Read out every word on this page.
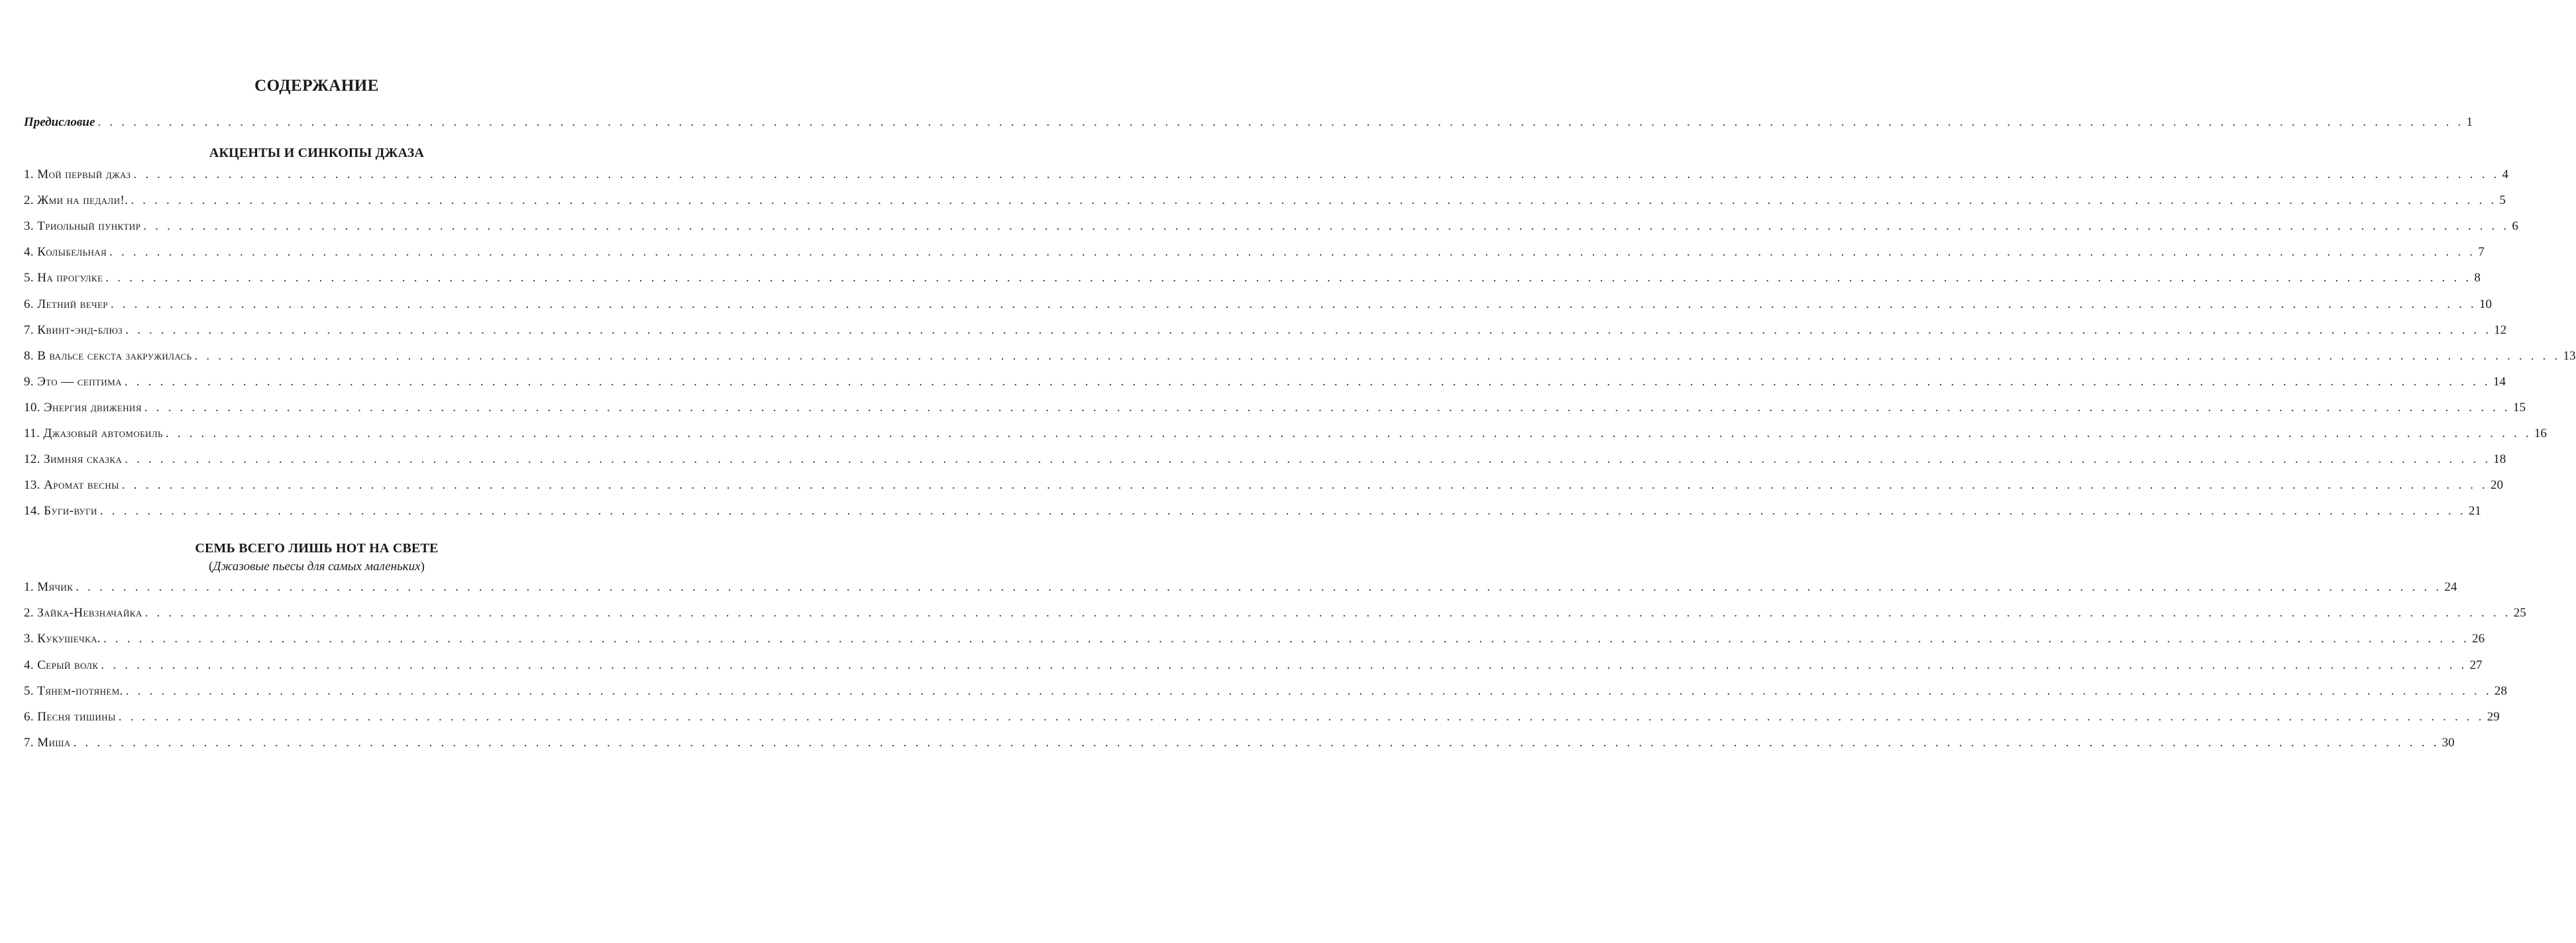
СОДЕРЖАНИЕ
Предисловие . . . . . . . . . . . . . . . . . . . . . . . . . . . . . . . . . . . . . . . . . . . . . . . . . . . . . . . . . . . . . . . . . . . . . . . . . . . . . . . . . . . . . . . . . . . . . . . . . . . . . . . . . . . . . . . . . . . . . . . . . . . . . . . . . . . . . . . . . . . . . . . . . . . . . . . . . . . . . . . . . . . . . . . . . . . . . . . . . . . . . . . . . . . . . . . . . . . . . . . . 1
АКЦЕНТЫ И СИНКОПЫ ДЖАЗА
1. Мой первый джаз . . . . . . . . . . . . . . . . . . . . . . . . . . . . . . . . . . . . . . . . . . . . . . . . . . . . . . . . . . . . . . . . . . . . . . . . . . . . . . . . . . . . . . . . . . . . . . . . . . . . . . . . . . . . . . . . . . . . . . . . . . . . . . . . . . . . . . . . . . . . . . . . . . . . . . . . . . . . . . . . . . . . . . . . . . . . . . . . . . . . . . . . . . . . . . . . . . . . . . . . 4
2. Жми на педали!. . . . . . . . . . . . . . . . . . . . . . . . . . . . . . . . . . . . . . . . . . . . . . . . . . . . . . . . . . . . . . . . . . . . . . . . . . . . . . . . . . . . . . . . . . . . . . . . . . . . . . . . . . . . . . . . . . . . . . . . . . . . . . . . . . . . . . . . . . . . . . . . . . . . . . . . . . . . . . . . . . . . . . . . . . . . . . . . . . . . . . . . . . . . . . . . . . . . . . . . . 5
3. Триольный пунктир . . . . . . . . . . . . . . . . . . . . . . . . . . . . . . . . . . . . . . . . . . . . . . . . . . . . . . . . . . . . . . . . . . . . . . . . . . . . . . . . . . . . . . . . . . . . . . . . . . . . . . . . . . . . . . . . . . . . . . . . . . . . . . . . . . . . . . . . . . . . . . . . . . . . . . . . . . . . . . . . . . . . . . . . . . . . . . . . . . . . . . . . . . . . . . . . . . . . . . . . 6
4. Колыбельная . . . . . . . . . . . . . . . . . . . . . . . . . . . . . . . . . . . . . . . . . . . . . . . . . . . . . . . . . . . . . . . . . . . . . . . . . . . . . . . . . . . . . . . . . . . . . . . . . . . . . . . . . . . . . . . . . . . . . . . . . . . . . . . . . . . . . . . . . . . . . . . . . . . . . . . . . . . . . . . . . . . . . . . . . . . . . . . . . . . . . . . . . . . . . . . . . . . . . . . . 7
5. На прогулке . . . . . . . . . . . . . . . . . . . . . . . . . . . . . . . . . . . . . . . . . . . . . . . . . . . . . . . . . . . . . . . . . . . . . . . . . . . . . . . . . . . . . . . . . . . . . . . . . . . . . . . . . . . . . . . . . . . . . . . . . . . . . . . . . . . . . . . . . . . . . . . . . . . . . . . . . . . . . . . . . . . . . . . . . . . . . . . . . . . . . . . . . . . . . . . . . . . . . . . . 8
6. Летний вечер . . . . . . . . . . . . . . . . . . . . . . . . . . . . . . . . . . . . . . . . . . . . . . . . . . . . . . . . . . . . . . . . . . . . . . . . . . . . . . . . . . . . . . . . . . . . . . . . . . . . . . . . . . . . . . . . . . . . . . . . . . . . . . . . . . . . . . . . . . . . . . . . . . . . . . . . . . . . . . . . . . . . . . . . . . . . . . . . . . . . . . . . . . . . . . . . . . . . . . . . 10
7. Квинт-энд-блюз . . . . . . . . . . . . . . . . . . . . . . . . . . . . . . . . . . . . . . . . . . . . . . . . . . . . . . . . . . . . . . . . . . . . . . . . . . . . . . . . . . . . . . . . . . . . . . . . . . . . . . . . . . . . . . . . . . . . . . . . . . . . . . . . . . . . . . . . . . . . . . . . . . . . . . . . . . . . . . . . . . . . . . . . . . . . . . . . . . . . . . . . . . . . . . . . . . . . . . . . 12
8. В вальсе секста закружилась . . . . . . . . . . . . . . . . . . . . . . . . . . . . . . . . . . . . . . . . . . . . . . . . . . . . . . . . . . . . . . . . . . . . . . . . . . . . . . . . . . . . . . . . . . . . . . . . . . . . . . . . . . . . . . . . . . . . . . . . . . . . . . . . . . . . . . . . . . . . . . . . . . . . . . . . . . . . . . . . . . . . . . . . . . . . . . . . . . . . . . . . . . . . . . . . . . . . . . . . 13
9. Это — септима . . . . . . . . . . . . . . . . . . . . . . . . . . . . . . . . . . . . . . . . . . . . . . . . . . . . . . . . . . . . . . . . . . . . . . . . . . . . . . . . . . . . . . . . . . . . . . . . . . . . . . . . . . . . . . . . . . . . . . . . . . . . . . . . . . . . . . . . . . . . . . . . . . . . . . . . . . . . . . . . . . . . . . . . . . . . . . . . . . . . . . . . . . . . . . . . . . . . . . . . 14
10. Энергия движения . . . . . . . . . . . . . . . . . . . . . . . . . . . . . . . . . . . . . . . . . . . . . . . . . . . . . . . . . . . . . . . . . . . . . . . . . . . . . . . . . . . . . . . . . . . . . . . . . . . . . . . . . . . . . . . . . . . . . . . . . . . . . . . . . . . . . . . . . . . . . . . . . . . . . . . . . . . . . . . . . . . . . . . . . . . . . . . . . . . . . . . . . . . . . . . . . . . . . . . . 15
11. Джазовый автомобиль . . . . . . . . . . . . . . . . . . . . . . . . . . . . . . . . . . . . . . . . . . . . . . . . . . . . . . . . . . . . . . . . . . . . . . . . . . . . . . . . . . . . . . . . . . . . . . . . . . . . . . . . . . . . . . . . . . . . . . . . . . . . . . . . . . . . . . . . . . . . . . . . . . . . . . . . . . . . . . . . . . . . . . . . . . . . . . . . . . . . . . . . . . . . . . . . . . . . . . . . 16
12. Зимняя сказка . . . . . . . . . . . . . . . . . . . . . . . . . . . . . . . . . . . . . . . . . . . . . . . . . . . . . . . . . . . . . . . . . . . . . . . . . . . . . . . . . . . . . . . . . . . . . . . . . . . . . . . . . . . . . . . . . . . . . . . . . . . . . . . . . . . . . . . . . . . . . . . . . . . . . . . . . . . . . . . . . . . . . . . . . . . . . . . . . . . . . . . . . . . . . . . . . . . . . . . . 18
13. Аромат весны . . . . . . . . . . . . . . . . . . . . . . . . . . . . . . . . . . . . . . . . . . . . . . . . . . . . . . . . . . . . . . . . . . . . . . . . . . . . . . . . . . . . . . . . . . . . . . . . . . . . . . . . . . . . . . . . . . . . . . . . . . . . . . . . . . . . . . . . . . . . . . . . . . . . . . . . . . . . . . . . . . . . . . . . . . . . . . . . . . . . . . . . . . . . . . . . . . . . . . . . 20
14. Буги-вуги . . . . . . . . . . . . . . . . . . . . . . . . . . . . . . . . . . . . . . . . . . . . . . . . . . . . . . . . . . . . . . . . . . . . . . . . . . . . . . . . . . . . . . . . . . . . . . . . . . . . . . . . . . . . . . . . . . . . . . . . . . . . . . . . . . . . . . . . . . . . . . . . . . . . . . . . . . . . . . . . . . . . . . . . . . . . . . . . . . . . . . . . . . . . . . . . . . . . . . . . 21
СЕМЬ ВСЕГО ЛИШЬ НОТ НА СВЕТЕ

(Джазовые пьесы для самых маленьких)

1. Мячик . . . . . . . . . . . . . . . . . . . . . . . . . . . . . . . . . . . . . . . . . . . . . . . . . . . . . . . . . . . . . . . . . . . . . . . . . . . . . . . . . . . . . . . . . . . . . . . . . . . . . . . . . . . . . . . . . . . . . . . . . . . . . . . . . . . . . . . . . . . . . . . . . . . . . . . . . . . . . . . . . . . . . . . . . . . . . . . . . . . . . . . . . . . . . . . . . . . . . . . . 24
2. Зайка-Невзначайка . . . . . . . . . . . . . . . . . . . . . . . . . . . . . . . . . . . . . . . . . . . . . . . . . . . . . . . . . . . . . . . . . . . . . . . . . . . . . . . . . . . . . . . . . . . . . . . . . . . . . . . . . . . . . . . . . . . . . . . . . . . . . . . . . . . . . . . . . . . . . . . . . . . . . . . . . . . . . . . . . . . . . . . . . . . . . . . . . . . . . . . . . . . . . . . . . . . . . . . . 25
3. Кукушечка. . . . . . . . . . . . . . . . . . . . . . . . . . . . . . . . . . . . . . . . . . . . . . . . . . . . . . . . . . . . . . . . . . . . . . . . . . . . . . . . . . . . . . . . . . . . . . . . . . . . . . . . . . . . . . . . . . . . . . . . . . . . . . . . . . . . . . . . . . . . . . . . . . . . . . . . . . . . . . . . . . . . . . . . . . . . . . . . . . . . . . . . . . . . . . . . . . . . . . . . . 26
4. Серый волк . . . . . . . . . . . . . . . . . . . . . . . . . . . . . . . . . . . . . . . . . . . . . . . . . . . . . . . . . . . . . . . . . . . . . . . . . . . . . . . . . . . . . . . . . . . . . . . . . . . . . . . . . . . . . . . . . . . . . . . . . . . . . . . . . . . . . . . . . . . . . . . . . . . . . . . . . . . . . . . . . . . . . . . . . . . . . . . . . . . . . . . . . . . . . . . . . . . . . . . . 27
5. Тянем-потянем. . . . . . . . . . . . . . . . . . . . . . . . . . . . . . . . . . . . . . . . . . . . . . . . . . . . . . . . . . . . . . . . . . . . . . . . . . . . . . . . . . . . . . . . . . . . . . . . . . . . . . . . . . . . . . . . . . . . . . . . . . . . . . . . . . . . . . . . . . . . . . . . . . . . . . . . . . . . . . . . . . . . . . . . . . . . . . . . . . . . . . . . . . . . . . . . . . . . . . . . . 28
6. Песня тишины . . . . . . . . . . . . . . . . . . . . . . . . . . . . . . . . . . . . . . . . . . . . . . . . . . . . . . . . . . . . . . . . . . . . . . . . . . . . . . . . . . . . . . . . . . . . . . . . . . . . . . . . . . . . . . . . . . . . . . . . . . . . . . . . . . . . . . . . . . . . . . . . . . . . . . . . . . . . . . . . . . . . . . . . . . . . . . . . . . . . . . . . . . . . . . . . . . . . . . . . 29
7. Миша . . . . . . . . . . . . . . . . . . . . . . . . . . . . . . . . . . . . . . . . . . . . . . . . . . . . . . . . . . . . . . . . . . . . . . . . . . . . . . . . . . . . . . . . . . . . . . . . . . . . . . . . . . . . . . . . . . . . . . . . . . . . . . . . . . . . . . . . . . . . . . . . . . . . . . . . . . . . . . . . . . . . . . . . . . . . . . . . . . . . . . . . . . . . . . . . . . . . . . . . 30
